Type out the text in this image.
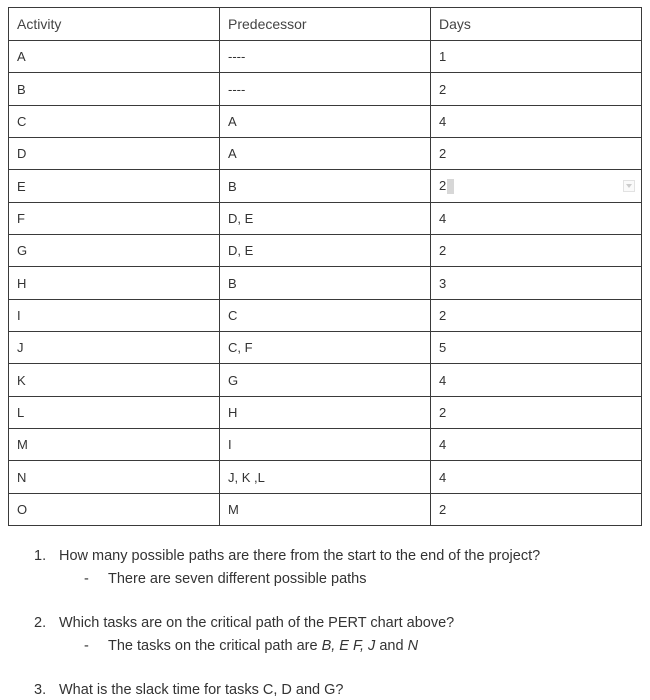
Activity	Predecessor	Days
A	----	1
B	----	2
C	A	4
D	A	2
E	B	2

F	D, E	4
G	D, E	2
H	B	3
I	C	2
J	C, F	5
K	G	4
L	H	2
M	I	4
N	J, K ,L	4
O	M	2
1. How many possible paths are there from the start to the end of the project?
- There are seven different possible paths
2. Which tasks are on the critical path of the PERT chart above?
- The tasks on the critical path are B, E F, J and N
3. What is the slack time for tasks C, D and G?
